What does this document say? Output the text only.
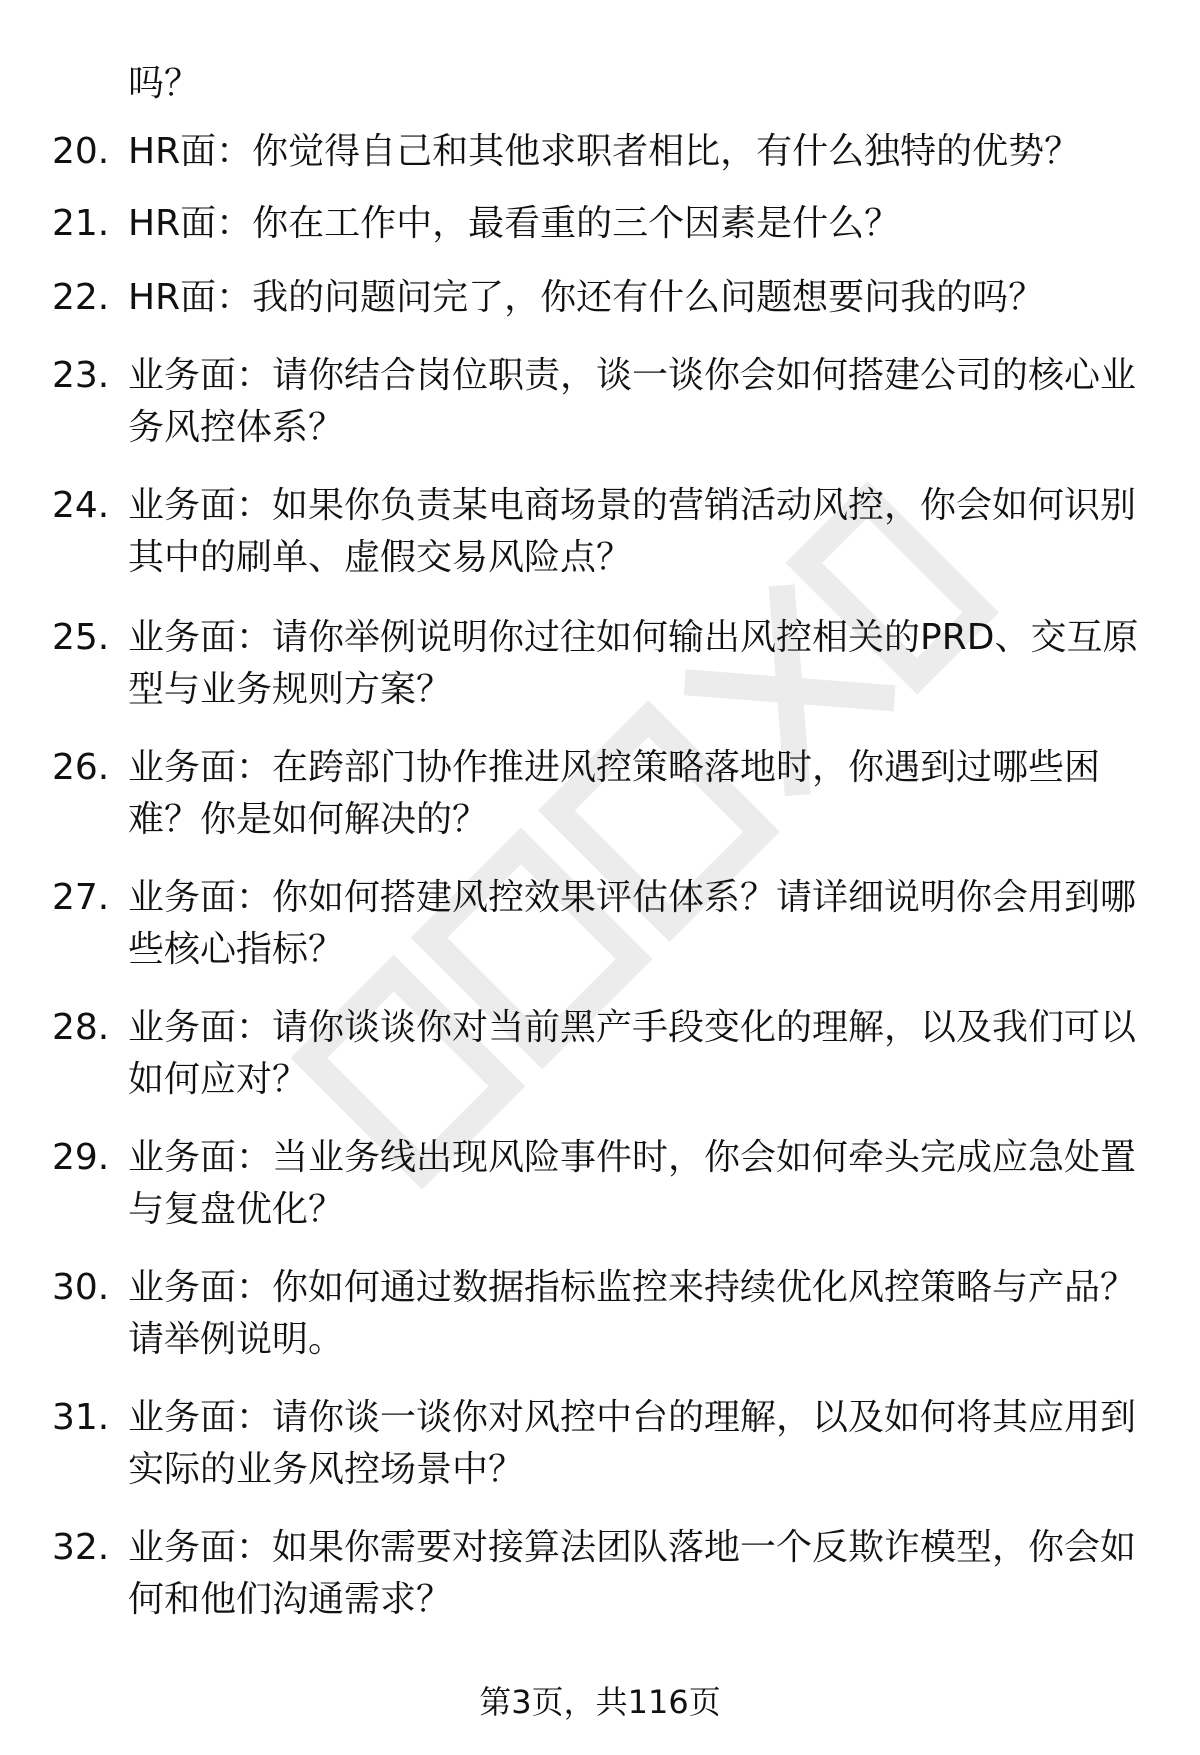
吗？
20. HR面：你觉得自己和其他求职者相比，有什么独特的优势？
21. HR面：你在工作中，最看重的三个因素是什么？
22. HR面：我的问题问完了，你还有什么问题想要问我的吗？
23. 业务面：请你结合岗位职责，谈一谈你会如何搭建公司的核心业
务风控体系？
24. 业务面：如果你负责某电商场景的营销活动风控，你会如何识别
其中的刷单、虚假交易风险点？
25. 业务面：请你举例说明你过往如何输出风控相关的PRD、交互原
型与业务规则方案？
26. 业务面：在跨部门协作推进风控策略落地时，你遇到过哪些困
难？你是如何解决的？
27. 业务面：你如何搭建风控效果评估体系？请详细说明你会用到哪
些核心指标？
28. 业务面：请你谈谈你对当前黑产手段变化的理解，以及我们可以
如何应对？
29. 业务面：当业务线出现风险事件时，你会如何牵头完成应急处置
与复盘优化？
30. 业务面：你如何通过数据指标监控来持续优化风控策略与产品？
请举例说明。
31. 业务面：请你谈一谈你对风控中台的理解，以及如何将其应用到
实际的业务风控场景中？
32. 业务面：如果你需要对接算法团队落地一个反欺诈模型，你会如
何和他们沟通需求？
第3页，共116页
